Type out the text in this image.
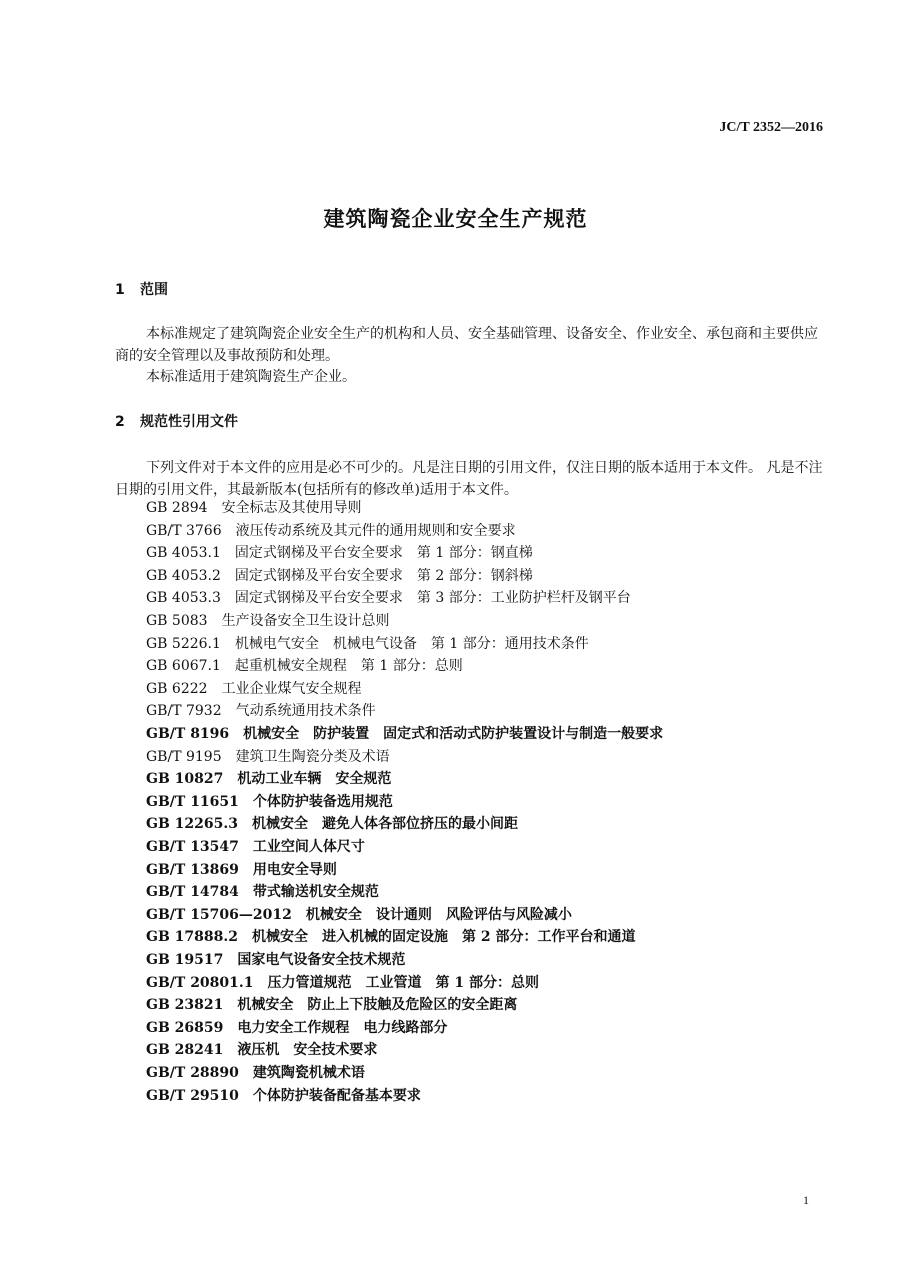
JC/T 2352—2016
建筑陶瓷企业安全生产规范
1 范围
本标准规定了建筑陶瓷企业安全生产的机构和人员、安全基础管理、设备安全、作业安全、承包商和主要供应商的安全管理以及事故预防和处理。
本标准适用于建筑陶瓷生产企业。
2 规范性引用文件
下列文件对于本文件的应用是必不可少的。凡是注日期的引用文件，仅注日期的版本适用于本文件。 凡是不注日期的引用文件，其最新版本(包括所有的修改单)适用于本文件。
GB 2894 安全标志及其使用导则
GB/T 3766 液压传动系统及其元件的通用规则和安全要求
GB 4053.1 固定式钢梯及平台安全要求　第 1 部分：钢直梯
GB 4053.2 固定式钢梯及平台安全要求　第 2 部分：钢斜梯
GB 4053.3 固定式钢梯及平台安全要求　第 3 部分：工业防护栏杆及钢平台
GB 5083 生产设备安全卫生设计总则
GB 5226.1 机械电气安全　机械电气设备　第 1 部分：通用技术条件
GB 6067.1 起重机械安全规程　第 1 部分：总则
GB 6222 工业企业煤气安全规程
GB/T 7932 气动系统通用技术条件
GB/T 8196 机械安全　防护装置　固定式和活动式防护装置设计与制造一般要求
GB/T 9195 建筑卫生陶瓷分类及术语
GB 10827 机动工业车辆　安全规范
GB/T 11651 个体防护装备选用规范
GB 12265.3 机械安全　避免人体各部位挤压的最小间距
GB/T 13547 工业空间人体尺寸
GB/T 13869 用电安全导则
GB/T 14784 带式输送机安全规范
GB/T 15706—2012 机械安全　设计通则　风险评估与风险减小
GB 17888.2 机械安全　进入机械的固定设施　第 2 部分：工作平台和通道
GB 19517 国家电气设备安全技术规范
GB/T 20801.1 压力管道规范　工业管道　第 1 部分：总则
GB 23821 机械安全　防止上下肢触及危险区的安全距离
GB 26859 电力安全工作规程　电力线路部分
GB 28241 液压机　安全技术要求
GB/T 28890 建筑陶瓷机械术语
GB/T 29510 个体防护装备配备基本要求
1
